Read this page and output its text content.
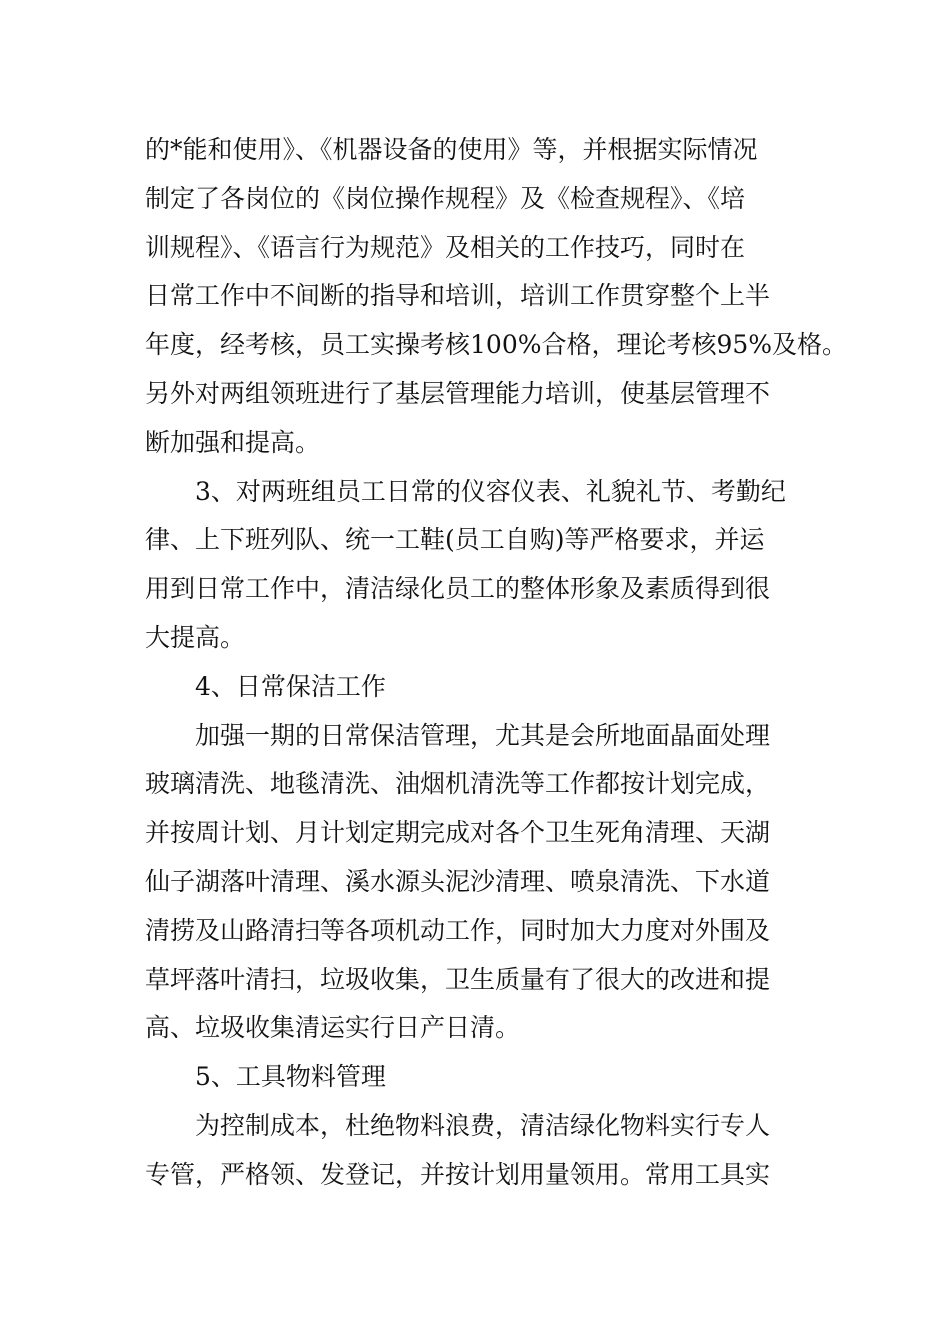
的*能和使用》、《机器设备的使用》等，并根据实际情况
制定了各岗位的《岗位操作规程》及《检查规程》、《培
训规程》、《语言行为规范》及相关的工作技巧，同时在
日常工作中不间断的指导和培训，培训工作贯穿整个上半
年度，经考核，员工实操考核100%合格，理论考核95%及格。
另外对两组领班进行了基层管理能力培训，使基层管理不
断加强和提高。
3、对两班组员工日常的仪容仪表、礼貌礼节、考勤纪
律、上下班列队、统一工鞋(员工自购)等严格要求，并运
用到日常工作中，清洁绿化员工的整体形象及素质得到很
大提高。
4、日常保洁工作
加强一期的日常保洁管理，尤其是会所地面晶面处理
玻璃清洗、地毯清洗、油烟机清洗等工作都按计划完成，
并按周计划、月计划定期完成对各个卫生死角清理、天湖
仙子湖落叶清理、溪水源头泥沙清理、喷泉清洗、下水道
清捞及山路清扫等各项机动工作，同时加大力度对外围及
草坪落叶清扫，垃圾收集，卫生质量有了很大的改进和提
高、垃圾收集清运实行日产日清。
5、工具物料管理
为控制成本，杜绝物料浪费，清洁绿化物料实行专人
专管，严格领、发登记，并按计划用量领用。常用工具实
